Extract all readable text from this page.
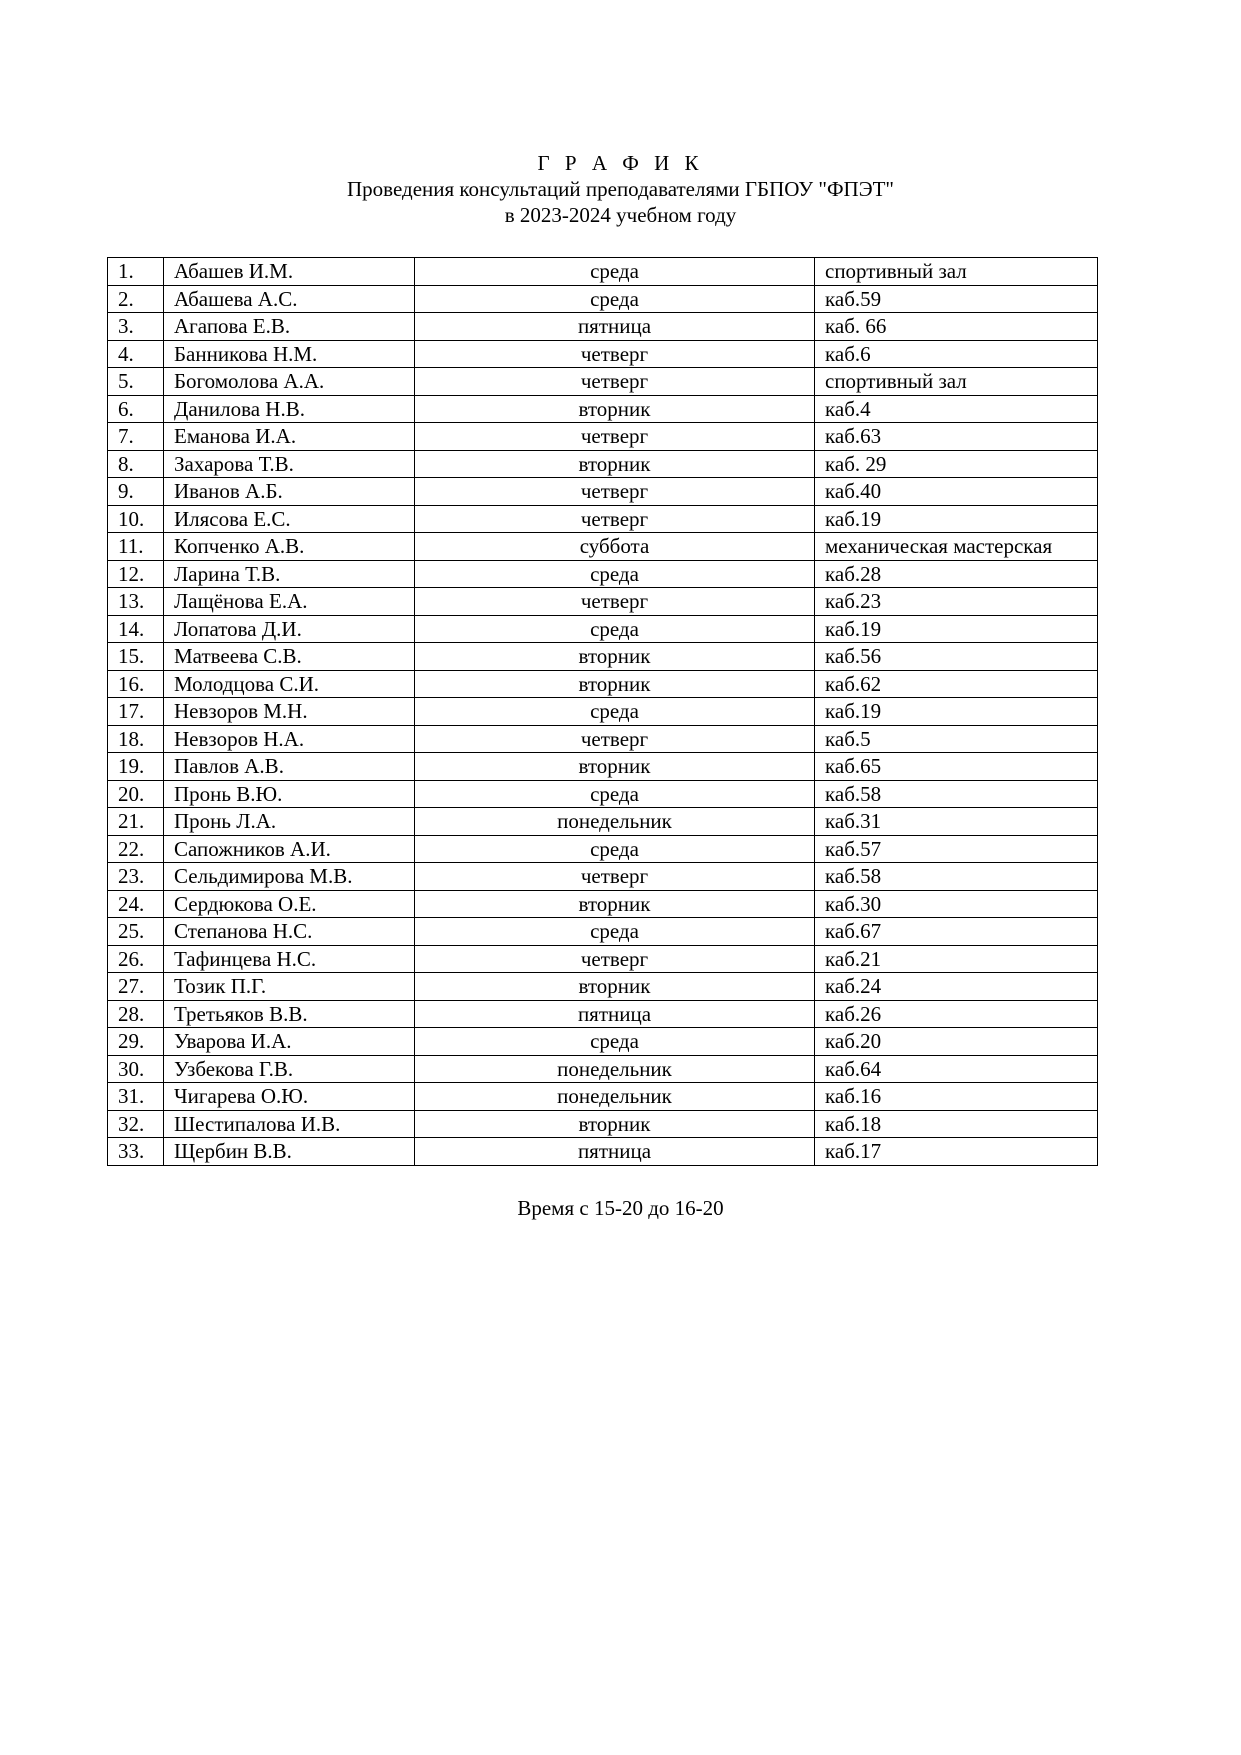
Г Р А Ф И К
Проведения консультаций преподавателями ГБПОУ "ФПЭТ"
в 2023-2024 учебном году
1.	Абашев И.М.	среда	спортивный зал
2.	Абашева А.С.	среда	каб.59
3.	Агапова Е.В.	пятница	каб. 66
4.	Банникова Н.М.	четверг	каб.6
5.	Богомолова А.А.	четверг	спортивный зал
6.	Данилова Н.В.	вторник	каб.4
7.	Еманова И.А.	четверг	каб.63
8.	Захарова Т.В.	вторник	каб. 29
9.	Иванов А.Б.	четверг	каб.40
10.	Илясова Е.С.	четверг	каб.19
11.	Копченко А.В.	суббота	механическая мастерская
12.	Ларина Т.В.	среда	каб.28
13.	Лащёнова Е.А.	четверг	каб.23
14.	Лопатова Д.И.	среда	каб.19
15.	Матвеева С.В.	вторник	каб.56
16.	Молодцова С.И.	вторник	каб.62
17.	Невзоров М.Н.	среда	каб.19
18.	Невзоров Н.А.	четверг	каб.5
19.	Павлов А.В.	вторник	каб.65
20.	Пронь В.Ю.	среда	каб.58
21.	Пронь Л.А.	понедельник	каб.31
22.	Сапожников А.И.	среда	каб.57
23.	Сельдимирова М.В.	четверг	каб.58
24.	Сердюкова О.Е.	вторник	каб.30
25.	Степанова Н.С.	среда	каб.67
26.	Тафинцева Н.С.	четверг	каб.21
27.	Тозик П.Г.	вторник	каб.24
28.	Третьяков В.В.	пятница	каб.26
29.	Уварова И.А.	среда	каб.20
30.	Узбекова Г.В.	понедельник	каб.64
31.	Чигарева О.Ю.	понедельник	каб.16
32.	Шестипалова И.В.	вторник	каб.18
33.	Щербин В.В.	пятница	каб.17
Время с 15-20 до 16-20
